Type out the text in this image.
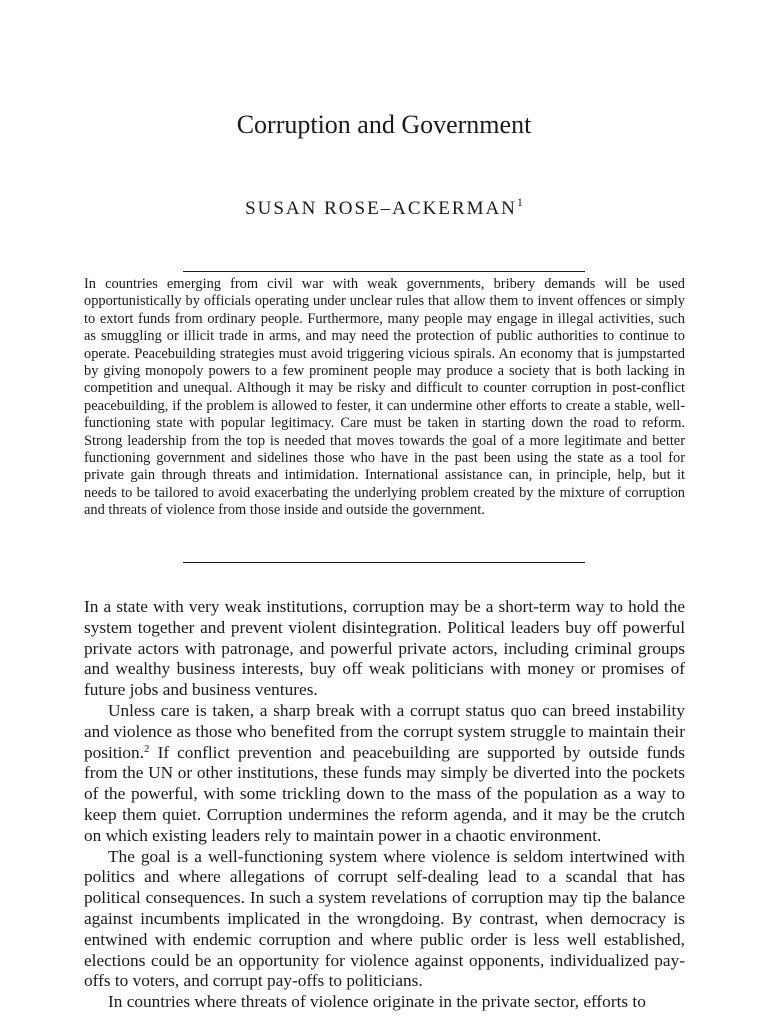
Corruption and Government
SUSAN ROSE–ACKERMAN$^1$

In countries emerging from civil war with weak governments, bribery demands will be used opportunistically by officials operating under unclear rules that allow them to invent offences or simply to extort funds from ordinary people. Furthermore, many people may engage in illegal activities, such as smuggling or illicit trade in arms, and may need the protection of public authorities to continue to operate. Peacebuilding strategies must avoid triggering vicious spirals. An economy that is jumpstarted by giving monopoly powers to a few prominent people may produce a society that is both lacking in competition and unequal. Although it may be risky and difficult to counter corruption in post-conflict peacebuilding, if the problem is allowed to fester, it can undermine other efforts to create a stable, well-functioning state with popular legitimacy. Care must be taken in starting down the road to reform. Strong leadership from the top is needed that moves towards the goal of a more legitimate and better functioning government and sidelines those who have in the past been using the state as a tool for private gain through threats and intimidation. International assistance can, in principle, help, but it needs to be tailored to avoid exacerbating the underlying problem created by the mixture of corruption and threats of violence from those inside and outside the government.

In a state with very weak institutions, corruption may be a short-term way to hold the system together and prevent violent disintegration. Political leaders buy off powerful private actors with patronage, and powerful private actors, including criminal groups and wealthy business interests, buy off weak politicians with money or promises of future jobs and business ventures.

Unless care is taken, a sharp break with a corrupt status quo can breed instability and violence as those who benefited from the corrupt system struggle to maintain their position.$^2$ If conflict prevention and peacebuilding are supported by outside funds from the UN or other institutions, these funds may simply be diverted into the pockets of the powerful, with some trickling down to the mass of the population as a way to keep them quiet. Corruption undermines the reform agenda, and it may be the crutch on which existing leaders rely to maintain power in a chaotic environment.

The goal is a well-functioning system where violence is seldom intertwined with politics and where allegations of corrupt self-dealing lead to a scandal that has political consequences. In such a system revelations of corruption may tip the balance against incumbents implicated in the wrongdoing. By contrast, when democracy is entwined with endemic corruption and where public order is less well established, elections could be an opportunity for violence against opponents, individualized pay-offs to voters, and corrupt pay-offs to politicians.

In countries where threats of violence originate in the private sector, efforts to
